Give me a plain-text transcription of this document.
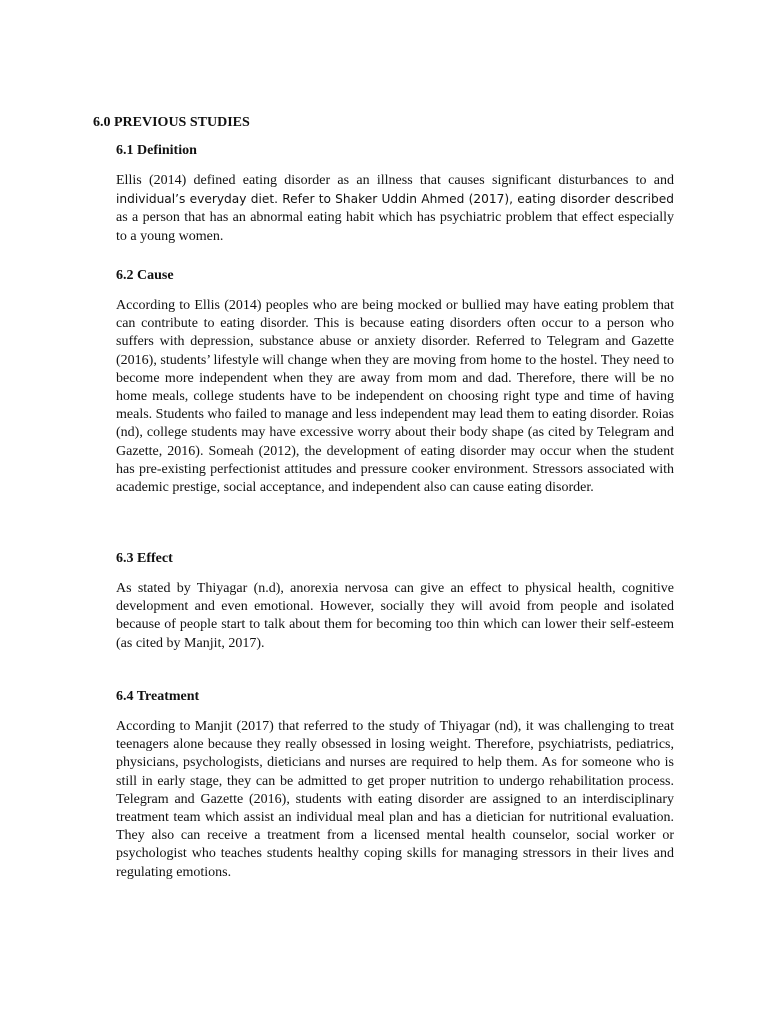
6.0 PREVIOUS STUDIES
6.1 Definition

Ellis (2014) defined eating disorder as an illness that causes significant disturbances to and individual’s everyday diet. Refer to Shaker Uddin Ahmed (2017), eating disorder described as a person that has an abnormal eating habit which has psychiatric problem that effect especially to a young women.

6.2 Cause

According to Ellis (2014) peoples who are being mocked or bullied may have eating problem that can contribute to eating disorder. This is because eating disorders often occur to a person who suffers with depression, substance abuse or anxiety disorder. Referred to Telegram and Gazette (2016), students’ lifestyle will change when they are moving from home to the hostel. They need to become more independent when they are away from mom and dad. Therefore, there will be no home meals, college students have to be independent on choosing right type and time of having meals. Students who failed to manage and less independent may lead them to eating disorder. Roias (nd), college students may have excessive worry about their body shape (as cited by Telegram and Gazette, 2016). Someah (2012), the development of eating disorder may occur when the student has pre-existing perfectionist attitudes and pressure cooker environment. Stressors associated with academic prestige, social acceptance, and independent also can cause eating disorder.

6.3 Effect

As stated by Thiyagar (n.d), anorexia nervosa can give an effect to physical health, cognitive development and even emotional. However, socially they will avoid from people and isolated because of people start to talk about them for becoming too thin which can lower their self-esteem (as cited by Manjit, 2017).

6.4 Treatment

According to Manjit (2017) that referred to the study of Thiyagar (nd), it was challenging to treat teenagers alone because they really obsessed in losing weight. Therefore, psychiatrists, pediatrics, physicians, psychologists, dieticians and nurses are required to help them. As for someone who is still in early stage, they can be admitted to get proper nutrition to undergo rehabilitation process. Telegram and Gazette (2016), students with eating disorder are assigned to an interdisciplinary treatment team which assist an individual meal plan and has a dietician for nutritional evaluation. They also can receive a treatment from a licensed mental health counselor, social worker or psychologist who teaches students healthy coping skills for managing stressors in their lives and regulating emotions.
